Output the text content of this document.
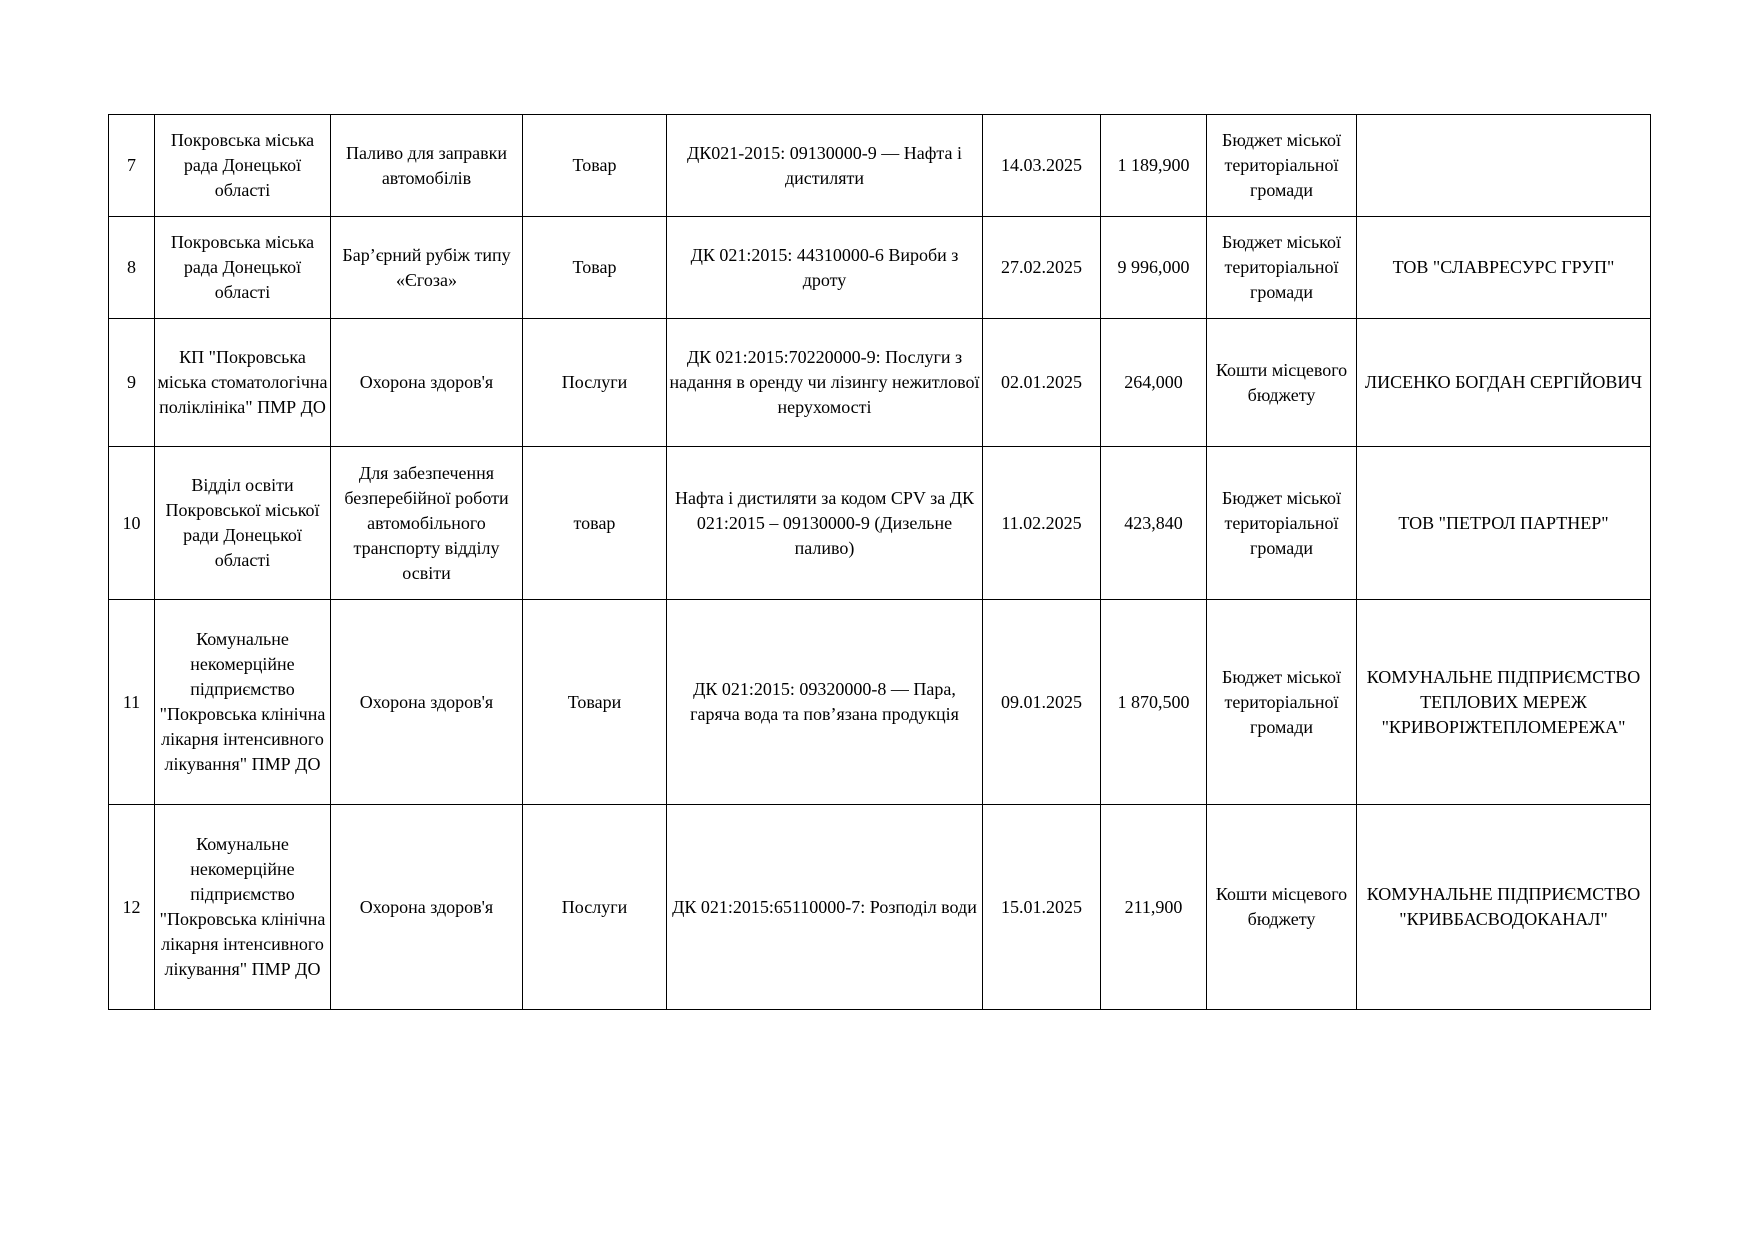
7	Покровська міська рада Донецької області	Паливо для заправки автомобілів	Товар	ДК021-2015: 09130000-9 — Нафта і дистиляти	14.03.2025	1 189,900	Бюджет міської територіальної громади	
8	Покровська міська рада Донецької області	Бар’єрний рубіж типу «Єгоза»	Товар	ДК 021:2015: 44310000-6 Вироби з дроту	27.02.2025	9 996,000	Бюджет міської територіальної громади	ТОВ "СЛАВРЕСУРС ГРУП"
9	КП "Покровська міська стоматологічна поліклініка" ПМР ДО	Охорона здоров'я	Послуги	ДК 021:2015:70220000-9: Послуги з надання в оренду чи лізингу нежитлової нерухомості	02.01.2025	264,000	Кошти місцевого бюджету	ЛИСЕНКО БОГДАН СЕРГІЙОВИЧ
10	Відділ освіти Покровської міської ради Донецької області	Для забезпечення безперебійної роботи автомобільного транспорту відділу освіти	товар	Нафта і дистиляти за кодом CPV за ДК 021:2015 – 09130000-9 (Дизельне паливо)	11.02.2025	423,840	Бюджет міської територіальної громади	ТОВ "ПЕТРОЛ ПАРТНЕР"
11	Комунальне некомерційне підприємство "Покровська клінічна лікарня інтенсивного лікування" ПМР ДО	Охорона здоров'я	Товари	ДК 021:2015: 09320000-8 — Пара, гаряча вода та пов’язана продукція	09.01.2025	1 870,500	Бюджет міської територіальної громади	КОМУНАЛЬНЕ ПІДПРИЄМСТВО ТЕПЛОВИХ МЕРЕЖ "КРИВОРІЖТЕПЛОМЕРЕЖА"
12	Комунальне некомерційне підприємство "Покровська клінічна лікарня інтенсивного лікування" ПМР ДО	Охорона здоров'я	Послуги	ДК 021:2015:65110000-7: Розподіл води	15.01.2025	211,900	Кошти місцевого бюджету	КОМУНАЛЬНЕ ПІДПРИЄМСТВО "КРИВБАСВОДОКАНАЛ"
